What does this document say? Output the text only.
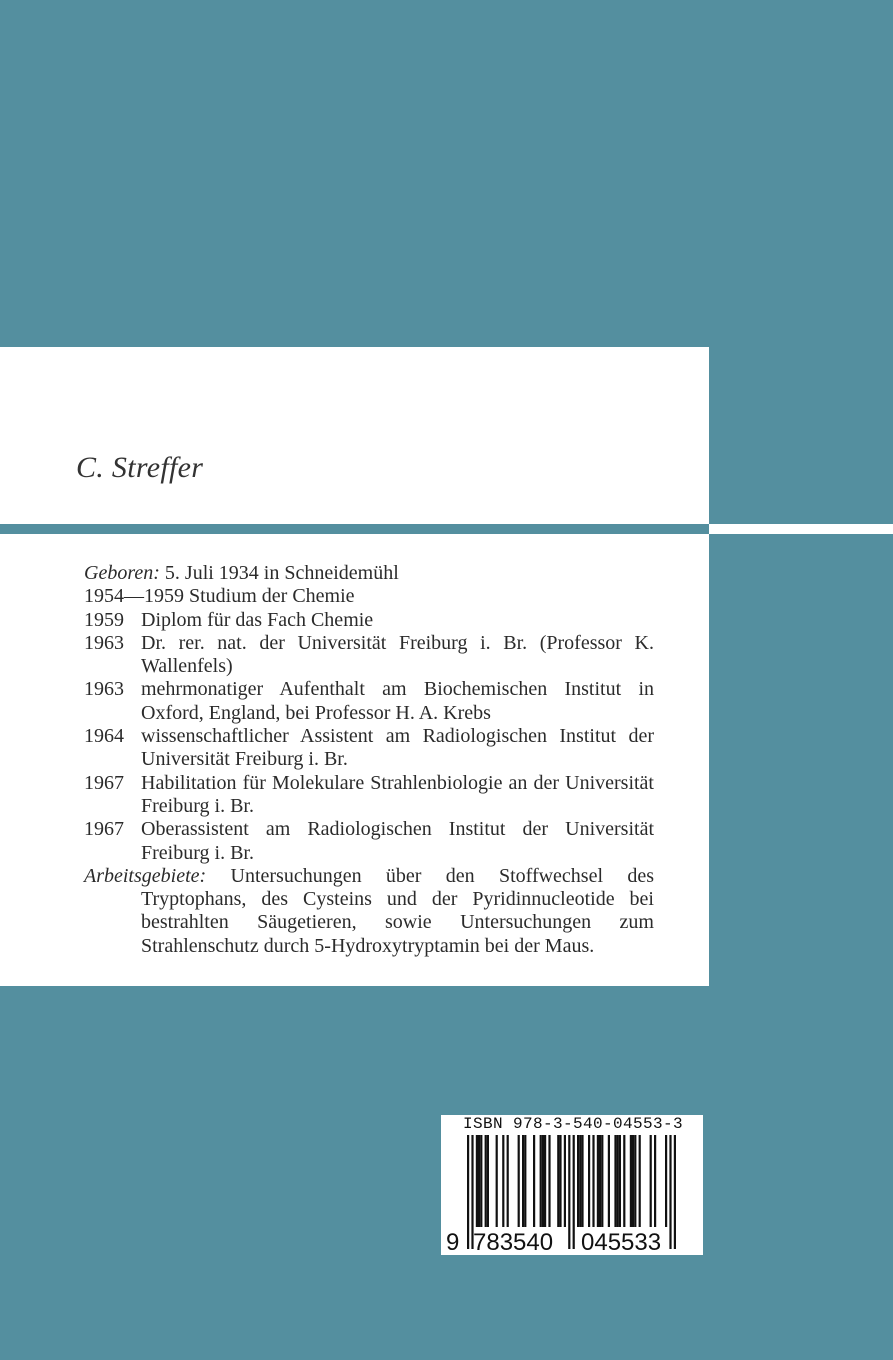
C. Streffer
Geboren:
5. Juli 1934 in Schneidemühl
1954—1959
Studium der Chemie
1959 Diplom für das Fach Chemie
1963 Dr. rer. nat. der Universität Freiburg i. Br. (Professor K. Wallenfels)
1963 mehrmonatiger Aufenthalt am Biochemischen Institut in Oxford, England, bei Professor H. A. Krebs
1964 wissenschaftlicher Assistent am Radiologischen Institut der Universität Freiburg i. Br.
1967 Habilitation für Molekulare Strahlenbiologie an der Universität Freiburg i. Br.
1967 Oberassistent am Radiologischen Institut der Universität Freiburg i. Br.
Arbeitsgebiete: Untersuchungen über den Stoffwechsel des Tryptophans, des Cysteins und der Pyridinnucleotide bei bestrahlten Säugetieren, sowie Untersuchungen zum Strahlenschutz durch 5-Hydroxytryptamin bei der Maus.
ISBN 978-3-540-04553-3
9 783540 045533
